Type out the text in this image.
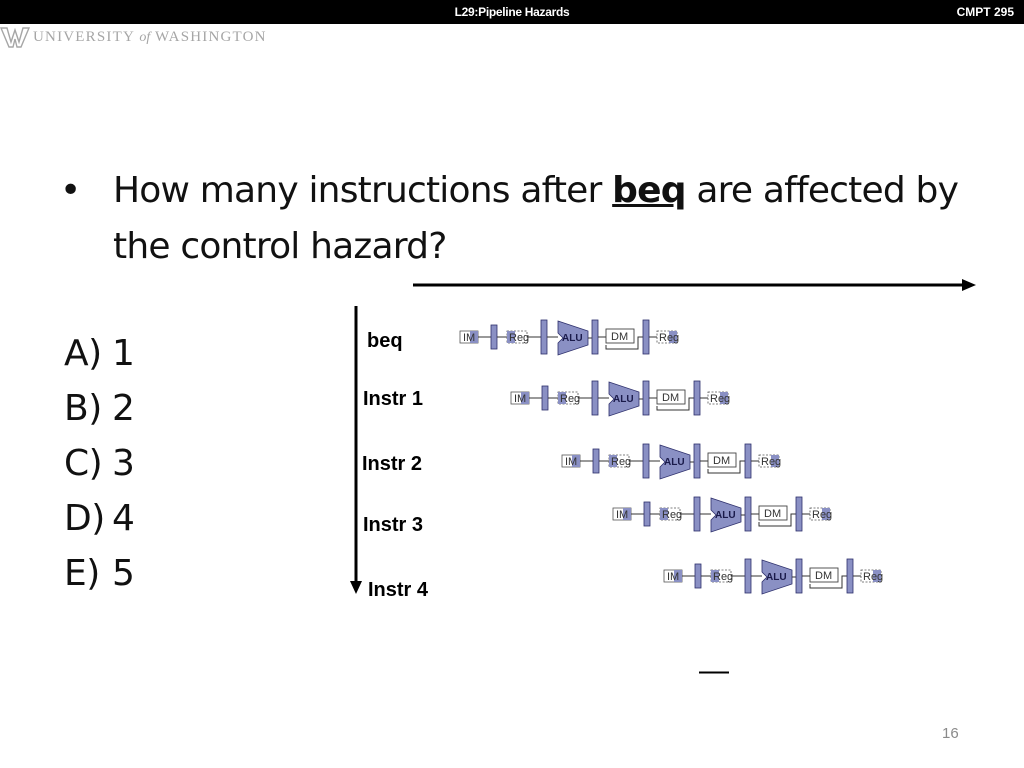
L29:Pipeline Hazards	CMPT 295
UNIVERSITY of WASHINGTON
• How many instructions after beq are affected by the control hazard?
A) 1
B) 2
C) 3
D) 4
E) 5
beq
Instr 1
Instr 2
Instr 3
Instr 4
IM	Reg	ALU	DM	Reg
IM	Reg	ALU	DM	Reg
IM	Reg	ALU	DM	Reg
IM	Reg	ALU	DM	Reg
IM	Reg	ALU	DM	Reg
—
16
